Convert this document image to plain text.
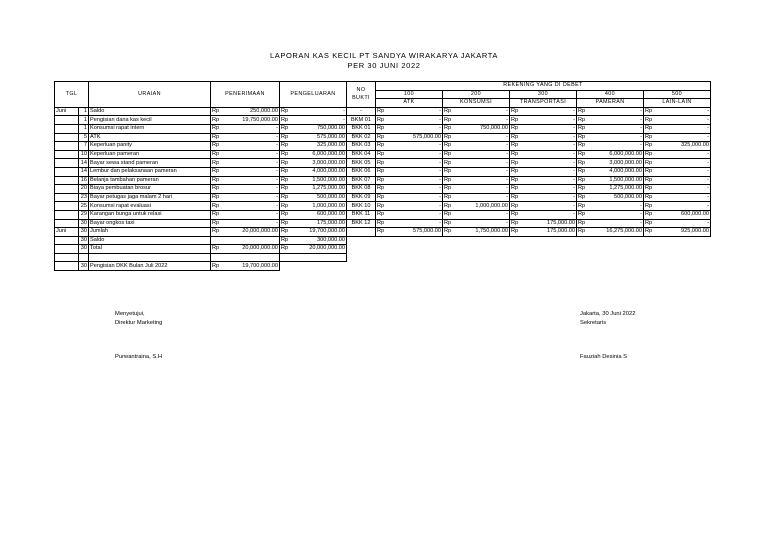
LAPORAN KAS KECIL PT SANDYA WIRAKARYA JAKARTA
PER 30 JUNI 2022
TGL		URAIAN	PENERIMAAN		PENGELUARAN		NO
BUKTI	REKENING YANG DI DEBET									
								100		200		300		400		500	
								ATK		KONSUMSI		TRANSPORTASI		PAMERAN		LAIN-LAIN	
Juni	1	Saldo	Rp	250,000.00	Rp	-	-	Rp	-	Rp	-	Rp	-	Rp	-	Rp	-
	1	Pengisian dana kas kecil	Rp	19,750,000.00	Rp	-	BKM 01	Rp	-	Rp	-	Rp	-	Rp	-	Rp	-
	1	Konsumsi rapat intern	Rp	-	Rp	750,000.00	BKK 01	Rp	-	Rp	750,000.00	Rp	-	Rp	-	Rp	-
	5	ATK	Rp	-	Rp	575,000.00	BKK 02	Rp	575,000.00	Rp	-	Rp	-	Rp	-	Rp	-
	7	Keperluan panity	Rp	-	Rp	325,000.00	BKK 03	Rp	-	Rp	-	Rp	-	Rp	-	Rp	325,000.00
	10	Keperluan pameran	Rp	-	Rp	6,000,000.00	BKK 04	Rp	-	Rp	-	Rp	-	Rp	6,000,000.00	Rp	-
	14	Bayar sewa stand pameran	Rp	-	Rp	3,000,000.00	BKK 05	Rp	-	Rp	-	Rp	-	Rp	3,000,000.00	Rp	-
	14	Lembur dan pelaksanaan pameran	Rp	-	Rp	4,000,000.00	BKK 06	Rp	-	Rp	-	Rp	-	Rp	4,000,000.00	Rp	-
	16	Belanja tambahan pameran	Rp	-	Rp	1,500,000.00	BKK 07	Rp	-	Rp	-	Rp	-	Rp	1,500,000.00	Rp	-
	20	Biaya pembuatan brosur	Rp	-	Rp	1,275,000.00	BKK 08	Rp	-	Rp	-	Rp	-	Rp	1,275,000.00	Rp	-
	23	Bayar petugas jaga malam 2 hari	Rp	-	Rp	500,000.00	BKK 09	Rp	-	Rp	-	Rp	-	Rp	500,000.00	Rp	-
	25	Konsumsi rapat evaluasi	Rp	-	Rp	1,000,000.00	BKK 10	Rp	-	Rp	1,000,000.00	Rp	-	Rp	-	Rp	-
	29	Karangan bunga untuk relasi	Rp	-	Rp	600,000.00	BKK 11	Rp	-	Rp	-	Rp	-	Rp	-	Rp	600,000.00
	30	Bayar ongkos taxi	Rp	-	Rp	175,000.00	BKK 12	Rp	-	Rp	-	Rp	175,000.00	Rp	-	Rp	-
Juni	30	Jumlah	Rp	20,000,000.00	Rp	19,700,000.00		Rp	575,000.00	Rp	1,750,000.00	Rp	175,000.00	Rp	16,275,000.00	Rp	925,000.00
	30	Saldo			Rp	300,000.00											
	30	Total	Rp	20,000,000.00	Rp	20,000,000.00											

	30	Pengisian DKK Bulan Juli 2022	Rp	19,700,000.00													
Menyetujui,
Direktur Marketing
Purwantraina, S.H
Jakarta, 30 Juni 2022
Sekretaris
Fauziah Desinia S
